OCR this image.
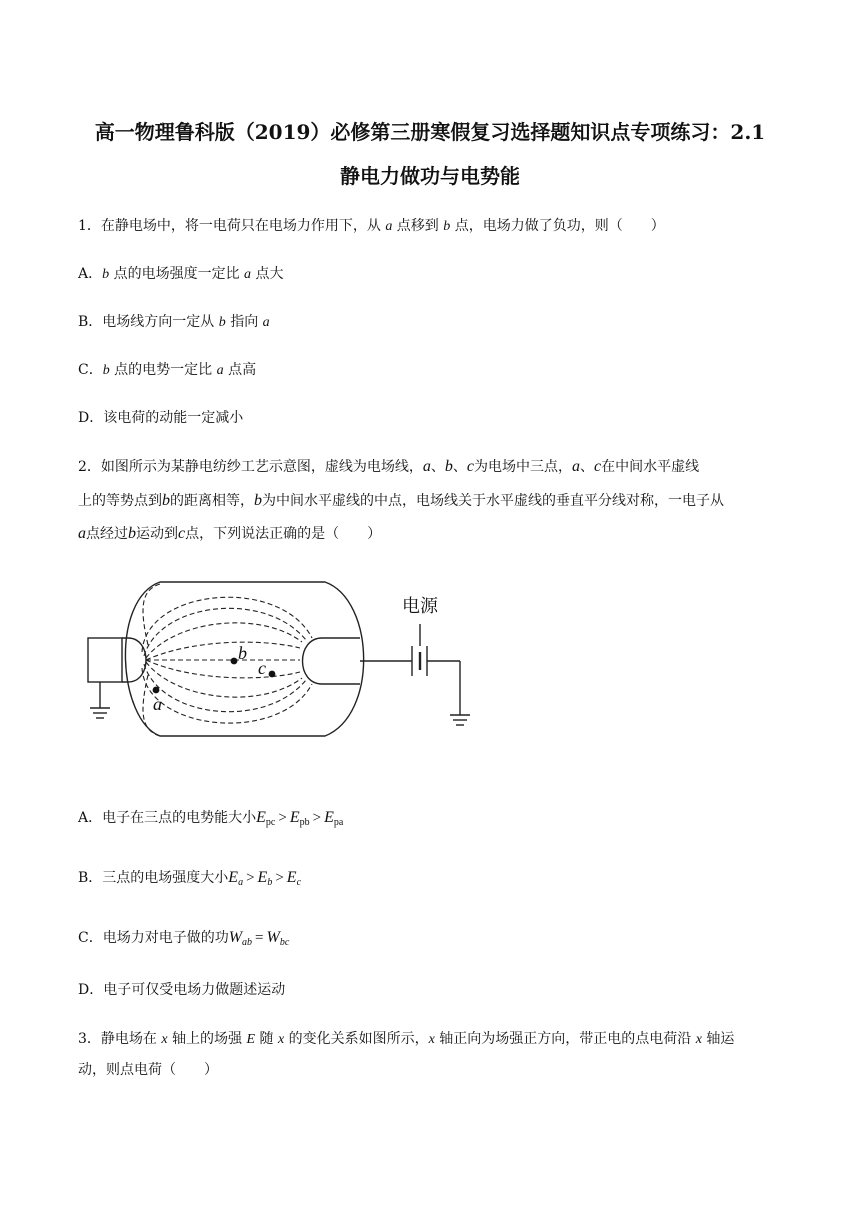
高一物理鲁科版（2019）必修第三册寒假复习选择题知识点专项练习：2.1
静电力做功与电势能
1．在静电场中，将一电荷只在电场力作用下，从 a 点移到 b 点，电场力做了负功，则（　　）
A．b 点的电场强度一定比 a 点大
B．电场线方向一定从 b 指向 a
C．b 点的电势一定比 a 点高
D．该电荷的动能一定减小
2．如图所示为某静电纺纱工艺示意图，虚线为电场线，a、b、c为电场中三点，a、c在中间水平虚线
上的等势点到b的距离相等，b为中间水平虚线的中点，电场线关于水平虚线的垂直平分线对称，一电子从
a点经过b运动到c点，下列说法正确的是（　　）
b
c
a
电源
A．电子在三点的电势能大小$E_{pc} > E_{pb} > E_{pa}$
B．三点的电场强度大小$E_a > E_b > E_c$
C．电场力对电子做的功$W_{ab} = W_{bc}$
D．电子可仅受电场力做题述运动
3．静电场在 x 轴上的场强 E 随 x 的变化关系如图所示，x 轴正向为场强正方向，带正电的点电荷沿 x 轴运
动，则点电荷（　　）
